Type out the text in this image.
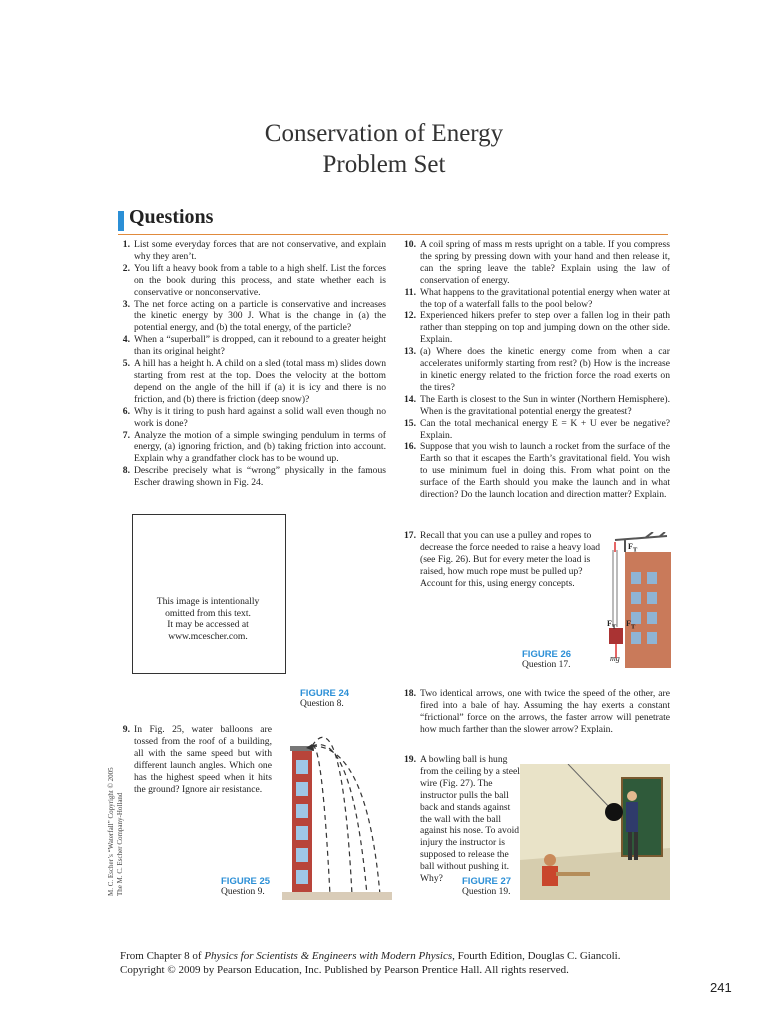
Conservation of Energy
Problem Set
Questions
1. List some everyday forces that are not conservative, and explain why they aren’t.
2. You lift a heavy book from a table to a high shelf. List the forces on the book during this process, and state whether each is conservative or nonconservative.
3. The net force acting on a particle is conservative and increases the kinetic energy by 300 J. What is the change in (a) the potential energy, and (b) the total energy, of the particle?
4. When a “superball” is dropped, can it rebound to a greater height than its original height?
5. A hill has a height h. A child on a sled (total mass m) slides down starting from rest at the top. Does the velocity at the bottom depend on the angle of the hill if (a) it is icy and there is no friction, and (b) there is friction (deep snow)?
6. Why is it tiring to push hard against a solid wall even though no work is done?
7. Analyze the motion of a simple swinging pendulum in terms of energy, (a) ignoring friction, and (b) taking friction into account. Explain why a grandfather clock has to be wound up.
8. Describe precisely what is “wrong” physically in the famous Escher drawing shown in Fig. 24.
This image is intentionally
omitted from this text.
It may be accessed at
www.mcescher.com.
M. C. Escher’s “Waterfall” Copyright © 2005 The M. C. Escher Company-Holland
FIGURE 24
Question 8.
9. In Fig. 25, water balloons are tossed from the roof of a building, all with the same speed but with different launch angles. Which one has the highest speed when it hits the ground? Ignore air resistance.
FIGURE 25
Question 9.
10. A coil spring of mass m rests upright on a table. If you compress the spring by pressing down with your hand and then release it, can the spring leave the table? Explain using the law of conservation of energy.
11. What happens to the gravitational potential energy when water at the top of a waterfall falls to the pool below?
12. Experienced hikers prefer to step over a fallen log in their path rather than stepping on top and jumping down on the other side. Explain.
13. (a) Where does the kinetic energy come from when a car accelerates uniformly starting from rest? (b) How is the increase in kinetic energy related to the friction force the road exerts on the tires?
14. The Earth is closest to the Sun in winter (Northern Hemisphere). When is the gravitational potential energy the greatest?
15. Can the total mechanical energy E = K + U ever be negative? Explain.
16. Suppose that you wish to launch a rocket from the surface of the Earth so that it escapes the Earth’s gravitational field. You wish to use minimum fuel in doing this. From what point on the surface of the Earth should you make the launch and in what direction? Do the launch location and direction matter? Explain.
17. Recall that you can use a pulley and ropes to decrease the force needed to raise a heavy load (see Fig. 26). But for every meter the load is raised, how much rope must be pulled up? Account for this, using energy concepts.
$F_T$
$F_T$ $F_T$
mg
FIGURE 26
Question 17.
18. Two identical arrows, one with twice the speed of the other, are fired into a bale of hay. Assuming the hay exerts a constant “frictional” force on the arrows, the faster arrow will penetrate how much farther than the slower arrow? Explain.
19. A bowling ball is hung from the ceiling by a steel wire (Fig. 27). The instructor pulls the ball back and stands against the wall with the ball against his nose. To avoid injury the instructor is supposed to release the ball without pushing it. Why?	FIGURE 27
Question 19.
From Chapter 8 of Physics for Scientists & Engineers with Modern Physics, Fourth Edition, Douglas C. Giancoli.
Copyright © 2009 by Pearson Education, Inc. Published by Pearson Prentice Hall. All rights reserved.
241
